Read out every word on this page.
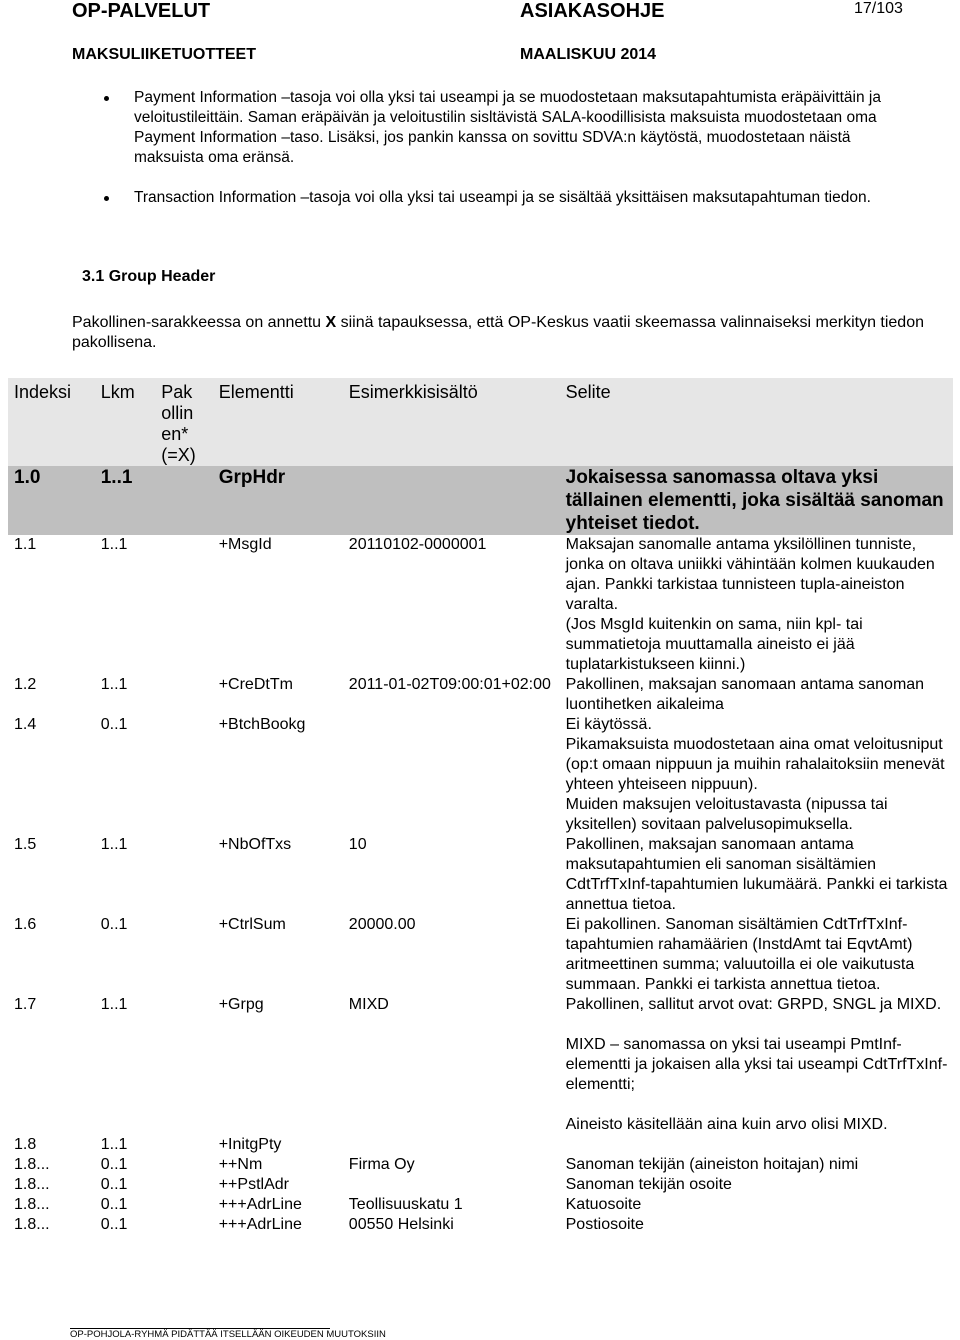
OP-PALVELUT	ASIAKASOHJE	17/103
MAKSULIIKETUOTTEET	MAALISKUU 2014
Payment Information –tasoja voi olla yksi tai useampi ja se muodostetaan maksutapahtumista eräpäivittäin ja veloitustileittäin. Saman eräpäivän ja veloitustilin sisltävistä SALA-koodillisista maksuista muodostetaan oma Payment Information –taso. Lisäksi, jos pankin kanssa on sovittu SDVA:n käytöstä, muodostetaan näistä maksuista oma eränsä.
Transaction Information –tasoja voi olla yksi tai useampi ja se sisältää yksittäisen maksutapahtuman tiedon.
3.1 Group Header
Pakollinen-sarakkeessa on annettu X siinä tapauksessa, että OP-Keskus vaatii skeemassa valinnaiseksi merkityn tiedon pakollisena.
Indeksi	Lkm	Pak ollin en* (=X)	Elementti	Esimerkkisisältö	Selite
1.0	1..1		GrpHdr		Jokaisessa sanomassa oltava yksi tällainen elementti, joka sisältää sanoman yhteiset tiedot.
1.1	1..1		+MsgId	20110102-0000001	Maksajan sanomalle antama yksilöllinen tunniste, jonka on oltava uniikki vähintään kolmen kuukauden ajan. Pankki tarkistaa tunnisteen tupla-aineiston varalta.
(Jos MsgId kuitenkin on sama, niin kpl- tai summatietoja muuttamalla aineisto ei jää tuplatarkistukseen kiinni.)

1.2	1..1		+CreDtTm	2011-01-02T09:00:01+02:00	Pakollinen, maksajan sanomaan antama sanoman luontihetken aikaleima
1.4	0..1		+BtchBookg		Ei käytössä.
Pikamaksuista muodostetaan aina omat veloitusniput (op:t omaan nippuun ja muihin rahalaitoksiin menevät yhteen yhteiseen nippuun).
Muiden maksujen veloitustavasta (nipussa tai yksitellen) sovitaan palvelusopimuksella.

1.5	1..1		+NbOfTxs	10	Pakollinen, maksajan sanomaan antama maksutapahtumien eli sanoman sisältämien CdtTrfTxInf-tapahtumien lukumäärä. Pankki ei tarkista annettua tietoa.
1.6	0..1		+CtrlSum	20000.00	Ei pakollinen. Sanoman sisältämien CdtTrfTxInf-tapahtumien rahamäärien (InstdAmt tai EqvtAmt) aritmeettinen summa; valuutoilla ei ole vaikutusta summaan. Pankki ei tarkista annettua tietoa.
1.7	1..1		+Grpg	MIXD	Pakollinen, sallitut arvot ovat: GRPD, SNGL ja MIXD.
MIXD – sanomassa on yksi tai useampi PmtInf-elementti ja jokaisen alla yksi tai useampi CdtTrfTxInf-elementti;
Aineisto käsitellään aina kuin arvo olisi MIXD.

1.8	1..1		+InitgPty		
1.8...	0..1		++Nm	Firma Oy	Sanoman tekijän (aineiston hoitajan) nimi
1.8...	0..1		++PstlAdr		Sanoman tekijän osoite
1.8...	0..1		+++AdrLine	Teollisuuskatu 1	Katuosoite
1.8...	0..1		+++AdrLine	00550 Helsinki	Postiosoite
OP-POHJOLA-RYHMÄ PIDÄTTÄÄ ITSELLÄÄN OIKEUDEN MUUTOKSIIN
